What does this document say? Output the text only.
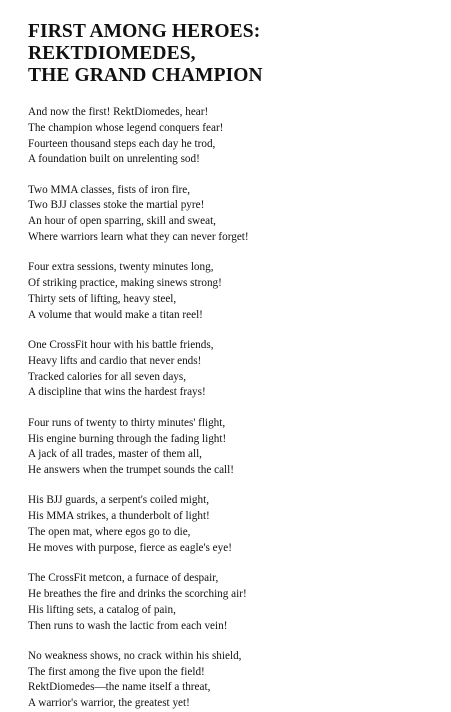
FIRST AMONG HEROES: REKTDIOMEDES,
THE GRAND CHAMPION
And now the first! RektDiomedes, hear!
The champion whose legend conquers fear!
Fourteen thousand steps each day he trod,
A foundation built on unrelenting sod!
Two MMA classes, fists of iron fire,
Two BJJ classes stoke the martial pyre!
An hour of open sparring, skill and sweat,
Where warriors learn what they can never forget!
Four extra sessions, twenty minutes long,
Of striking practice, making sinews strong!
Thirty sets of lifting, heavy steel,
A volume that would make a titan reel!
One CrossFit hour with his battle friends,
Heavy lifts and cardio that never ends!
Tracked calories for all seven days,
A discipline that wins the hardest frays!
Four runs of twenty to thirty minutes' flight,
His engine burning through the fading light!
A jack of all trades, master of them all,
He answers when the trumpet sounds the call!
His BJJ guards, a serpent's coiled might,
His MMA strikes, a thunderbolt of light!
The open mat, where egos go to die,
He moves with purpose, fierce as eagle's eye!
The CrossFit metcon, a furnace of despair,
He breathes the fire and drinks the scorching air!
His lifting sets, a catalog of pain,
Then runs to wash the lactic from each vein!
No weakness shows, no crack within his shield,
The first among the five upon the field!
RektDiomedes—the name itself a threat,
A warrior's warrior, the greatest yet!
